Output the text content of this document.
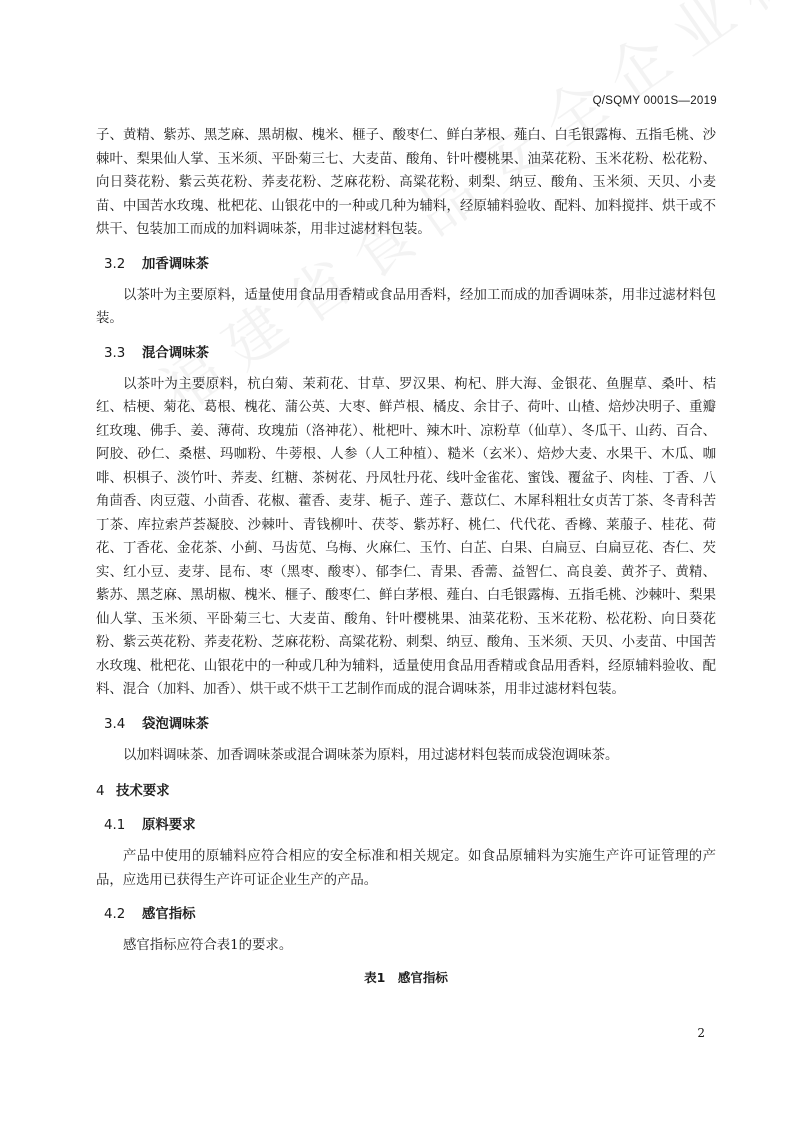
Q/SQMY 0001S—2019

子、黄精、紫苏、黑芝麻、黑胡椒、槐米、榧子、酸枣仁、鲜白茅根、薤白、白毛银露梅、五指毛桃、沙棘叶、梨果仙人掌、玉米须、平卧菊三七、大麦苗、酸角、针叶樱桃果、油菜花粉、玉米花粉、松花粉、向日葵花粉、紫云英花粉、荞麦花粉、芝麻花粉、高粱花粉、刺梨、纳豆、酸角、玉米须、天贝、小麦苗、中国苦水玫瑰、枇杷花、山银花中的一种或几种为辅料，经原辅料验收、配料、加料搅拌、烘干或不烘干、包装加工而成的加料调味茶，用非过滤材料包装。

3.2 加香调味茶

以茶叶为主要原料，适量使用食品用香精或食品用香料，经加工而成的加香调味茶，用非过滤材料包装。

3.3 混合调味茶

以茶叶为主要原料，杭白菊、茉莉花、甘草、罗汉果、枸杞、胖大海、金银花、鱼腥草、桑叶、桔红、桔梗、菊花、葛根、槐花、蒲公英、大枣、鲜芦根、橘皮、余甘子、荷叶、山楂、焙炒决明子、重瓣红玫瑰、佛手、姜、薄荷、玫瑰茄（洛神花）、枇杷叶、辣木叶、凉粉草（仙草）、冬瓜干、山药、百合、阿胶、砂仁、桑椹、玛咖粉、牛蒡根、人参（人工种植）、糙米（玄米）、焙炒大麦、水果干、木瓜、咖啡、枳椇子、淡竹叶、荞麦、红糖、茶树花、丹凤牡丹花、线叶金雀花、蜜饯、覆盆子、肉桂、丁香、八角茴香、肉豆蔻、小茴香、花椒、藿香、麦芽、栀子、莲子、薏苡仁、木犀科粗壮女贞苦丁茶、冬青科苦丁茶、库拉索芦荟凝胶、沙棘叶、青钱柳叶、茯苓、紫苏籽、桃仁、代代花、香橼、莱菔子、桂花、荷花、丁香花、金花茶、小蓟、马齿苋、乌梅、火麻仁、玉竹、白芷、白果、白扁豆、白扁豆花、杏仁、芡实、红小豆、麦芽、昆布、枣（黑枣、酸枣）、郁李仁、青果、香薷、益智仁、高良姜、黄芥子、黄精、紫苏、黑芝麻、黑胡椒、槐米、榧子、酸枣仁、鲜白茅根、薤白、白毛银露梅、五指毛桃、沙棘叶、梨果仙人掌、玉米须、平卧菊三七、大麦苗、酸角、针叶樱桃果、油菜花粉、玉米花粉、松花粉、向日葵花粉、紫云英花粉、荞麦花粉、芝麻花粉、高粱花粉、刺梨、纳豆、酸角、玉米须、天贝、小麦苗、中国苦水玫瑰、枇杷花、山银花中的一种或几种为辅料，适量使用食品用香精或食品用香料，经原辅料验收、配料、混合（加料、加香）、烘干或不烘干工艺制作而成的混合调味茶，用非过滤材料包装。

3.4 袋泡调味茶

以加料调味茶、加香调味茶或混合调味茶为原料，用过滤材料包装而成袋泡调味茶。

4 技术要求
4.1 原料要求

产品中使用的原辅料应符合相应的安全标准和相关规定。如食品原辅料为实施生产许可证管理的产品，应选用已获得生产许可证企业生产的产品。

4.2 感官指标

感官指标应符合表1的要求。

表1　感官指标
2
